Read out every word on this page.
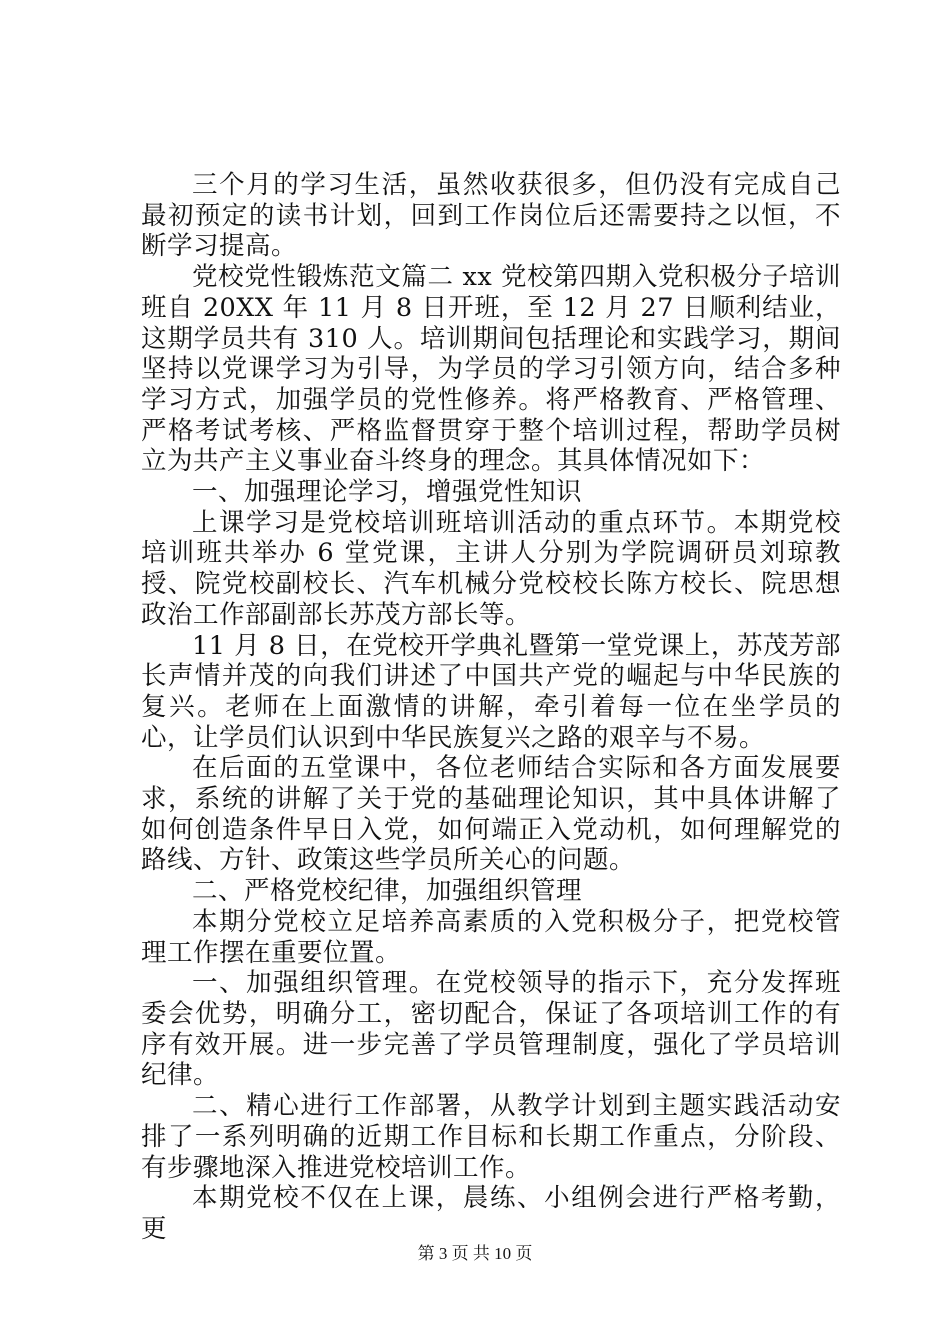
三个月的学习生活，虽然收获很多，但仍没有完成自己最初预定的读书计划，回到工作岗位后还需要持之以恒，不断学习提高。

党校党性锻炼范文篇二 xx 党校第四期入党积极分子培训班自 20XX 年 11 月 8 日开班，至 12 月 27 日顺利结业，这期学员共有 310 人。培训期间包括理论和实践学习，期间坚持以党课学习为引导，为学员的学习引领方向，结合多种学习方式，加强学员的党性修养。将严格教育、严格管理、严格考试考核、严格监督贯穿于整个培训过程，帮助学员树立为共产主义事业奋斗终身的理念。其具体情况如下：

一、加强理论学习，增强党性知识

上课学习是党校培训班培训活动的重点环节。本期党校培训班共举办 6 堂党课，主讲人分别为学院调研员刘琼教授、院党校副校长、汽车机械分党校校长陈方校长、院思想政治工作部副部长苏茂方部长等。

11 月 8 日，在党校开学典礼暨第一堂党课上，苏茂芳部长声情并茂的向我们讲述了中国共产党的崛起与中华民族的复兴。老师在上面激情的讲解，牵引着每一位在坐学员的心，让学员们认识到中华民族复兴之路的艰辛与不易。

在后面的五堂课中，各位老师结合实际和各方面发展要求，系统的讲解了关于党的基础理论知识，其中具体讲解了如何创造条件早日入党，如何端正入党动机，如何理解党的路线、方针、政策这些学员所关心的问题。

二、严格党校纪律，加强组织管理

本期分党校立足培养高素质的入党积极分子，把党校管理工作摆在重要位置。

一、加强组织管理。在党校领导的指示下，充分发挥班委会优势，明确分工，密切配合，保证了各项培训工作的有序有效开展。进一步完善了学员管理制度，强化了学员培训纪律。

二、精心进行工作部署，从教学计划到主题实践活动安排了一系列明确的近期工作目标和长期工作重点，分阶段、有步骤地深入推进党校培训工作。

本期党校不仅在上课，晨练、小组例会进行严格考勤，更

第 3 页 共 10 页
